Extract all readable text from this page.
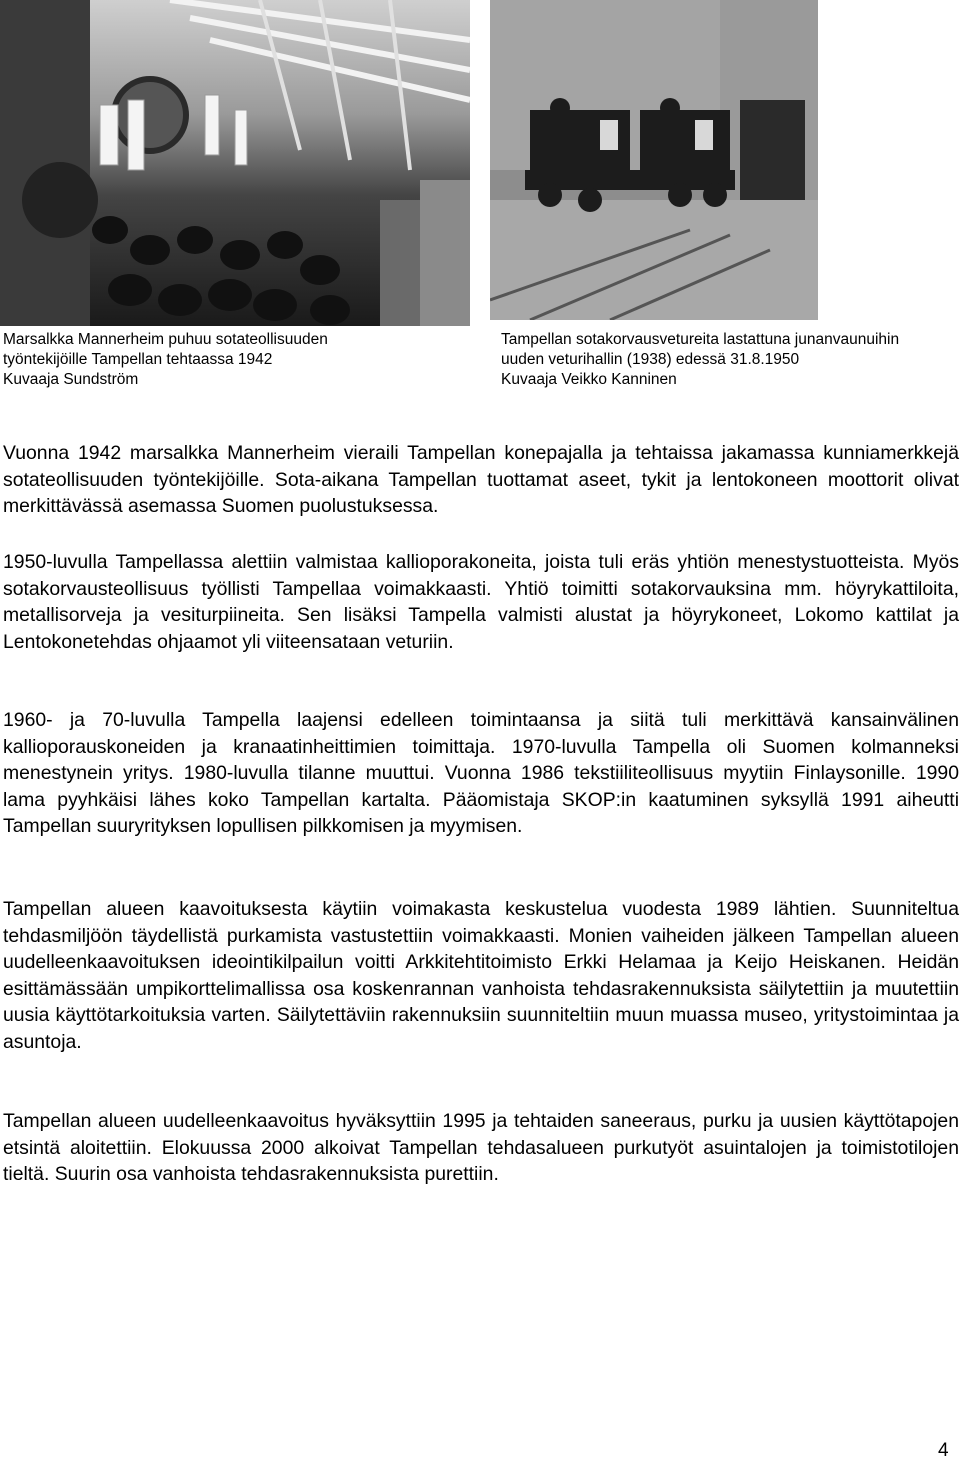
Marsalkka Mannerheim puhuu sotateollisuuden
työntekijöille Tampellan tehtaassa 1942
Kuvaaja Sundström
Tampellan sotakorvausvetureita lastattuna junanvaunuihin
uuden veturihallin (1938) edessä 31.8.1950
Kuvaaja Veikko Kanninen
Vuonna 1942 marsalkka Mannerheim vieraili Tampellan konepajalla ja tehtaissa jakamassa kunniamerkkejä sotateollisuuden työntekijöille. Sota-aikana Tampellan tuottamat aseet, tykit ja lentokoneen moottorit olivat merkittävässä asemassa Suomen puolustuksessa.
1950-luvulla Tampellassa alettiin valmistaa kallioporakoneita, joista tuli eräs yhtiön menestystuotteista. Myös sotakorvausteollisuus työllisti Tampellaa voimakkaasti. Yhtiö toimitti sotakorvauksina mm. höyrykattiloita, metallisorveja ja vesiturpiineita. Sen lisäksi Tampella valmisti alustat ja höyrykoneet, Lokomo kattilat ja Lentokonetehdas ohjaamot yli viiteensataan veturiin.
1960- ja 70-luvulla Tampella laajensi edelleen toimintaansa ja siitä tuli merkittävä kansainvälinen kallioporauskoneiden ja kranaatinheittimien toimittaja. 1970-luvulla Tampella oli Suomen kolmanneksi menestynein yritys. 1980-luvulla tilanne muuttui. Vuonna 1986 tekstiiliteollisuus myytiin Finlaysonille. 1990 lama pyyhkäisi lähes koko Tampellan kartalta. Pääomistaja SKOP:in kaatuminen syksyllä 1991 aiheutti Tampellan suuryrityksen lopullisen pilkkomisen ja myymisen.
Tampellan alueen kaavoituksesta käytiin voimakasta keskustelua vuodesta 1989 lähtien. Suunniteltua tehdasmiljöön täydellistä purkamista vastustettiin voimakkaasti. Monien vaiheiden jälkeen Tampellan alueen uudelleenkaavoituksen ideointikilpailun voitti Arkkitehtitoimisto Erkki Helamaa ja Keijo Heiskanen. Heidän esittämässään umpikorttelimallissa osa koskenrannan vanhoista tehdasrakennuksista säilytettiin ja muutettiin uusia käyttötarkoituksia varten. Säilytettäviin rakennuksiin suunniteltiin muun muassa museo, yritystoimintaa ja asuntoja.
Tampellan alueen uudelleenkaavoitus hyväksyttiin 1995 ja tehtaiden saneeraus, purku ja uusien käyttötapojen etsintä aloitettiin. Elokuussa 2000 alkoivat Tampellan tehdasalueen purkutyöt asuintalojen ja toimistotilojen tieltä. Suurin osa vanhoista tehdasrakennuksista purettiin.
4
